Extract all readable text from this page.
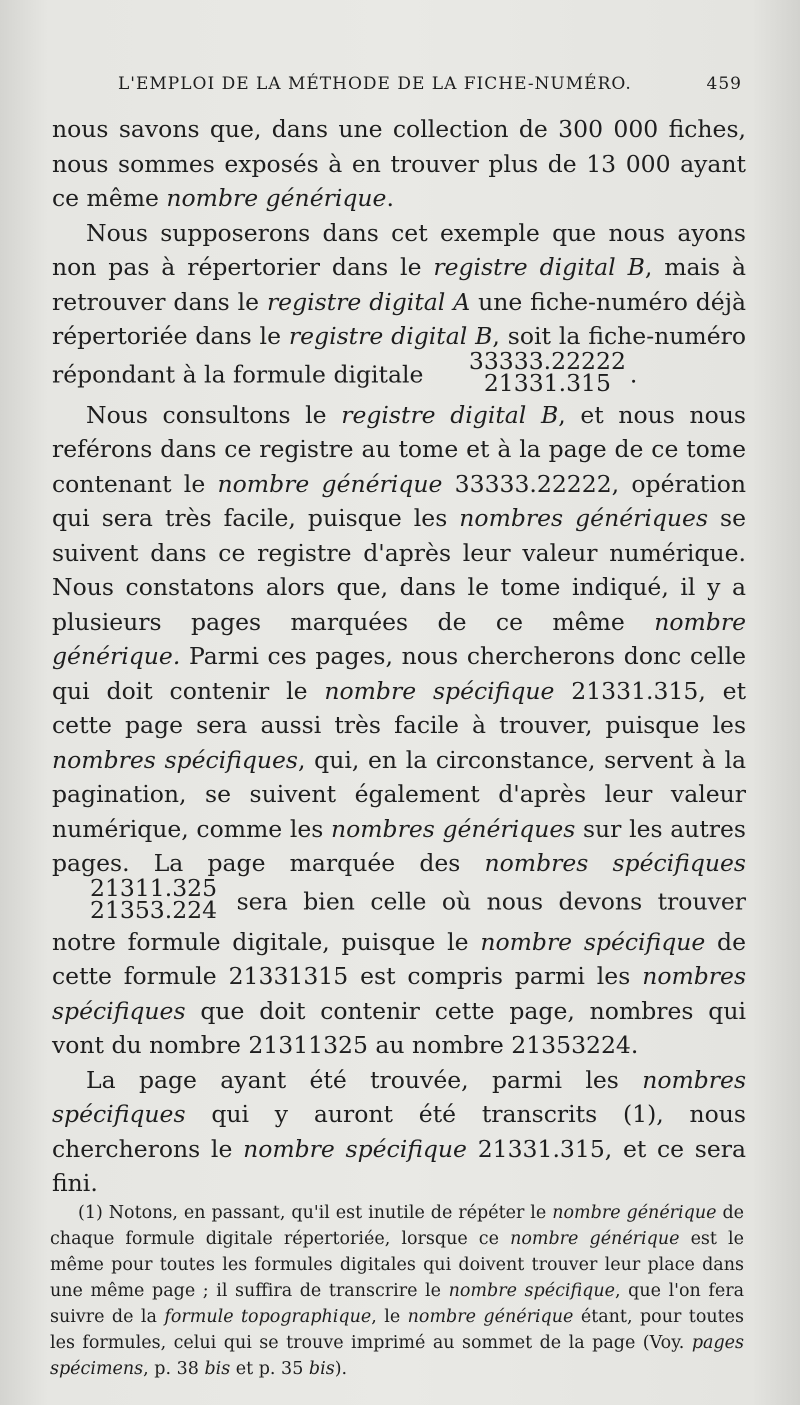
L'EMPLOI DE LA MÉTHODE DE LA FICHE-NUMÉRO.	459

nous savons que, dans une collection de 300 000 fiches, nous sommes exposés à en trouver plus de 13 000 ayant ce même nombre générique.

Nous supposerons dans cet exemple que nous ayons non pas à répertorier dans le registre digital B, mais à retrouver dans le registre digital A une fiche-numéro déjà répertoriée dans le registre digital B, soit la fiche-numéro répondant à la formule digitale	33333.22222
21331.315 .

Nous consultons le registre digital B, et nous nous reférons dans ce registre au tome et à la page de ce tome contenant le nombre générique 33333.22222, opération qui sera très facile, puisque les nombres génériques se suivent dans ce registre d'après leur valeur numérique. Nous constatons alors que, dans le tome indiqué, il y a plusieurs pages marquées de ce même nombre générique. Parmi ces pages, nous chercherons donc celle qui doit contenir le nombre spécifique 21331.315, et cette page sera aussi très facile à trouver, puisque les nombres spécifiques, qui, en la circonstance, servent à la pagination, se suivent également d'après leur valeur numérique, comme les nombres génériques sur les autres pages. La page marquée des nombres spécifiques
21311.325
21353.224 sera bien celle où nous devons trouver notre formule digitale, puisque le nombre spécifique de cette formule 21331315 est compris parmi les nombres spécifiques que doit contenir cette page, nombres qui vont du nombre 21311325 au nombre 21353224.

La page ayant été trouvée, parmi les nombres spécifiques qui y auront été transcrits (1), nous chercherons le nombre spécifique 21331.315, et ce sera fini.

(1) Notons, en passant, qu'il est inutile de répéter le nombre générique de chaque formule digitale répertoriée, lorsque ce nombre générique est le même pour toutes les formules digitales qui doivent trouver leur place dans une même page ; il suffira de transcrire le nombre spécifique, que l'on fera suivre de la formule topographique, le nombre générique étant, pour toutes les formules, celui qui se trouve imprimé au sommet de la page (Voy. pages spécimens, p. 38 bis et p. 35 bis).
